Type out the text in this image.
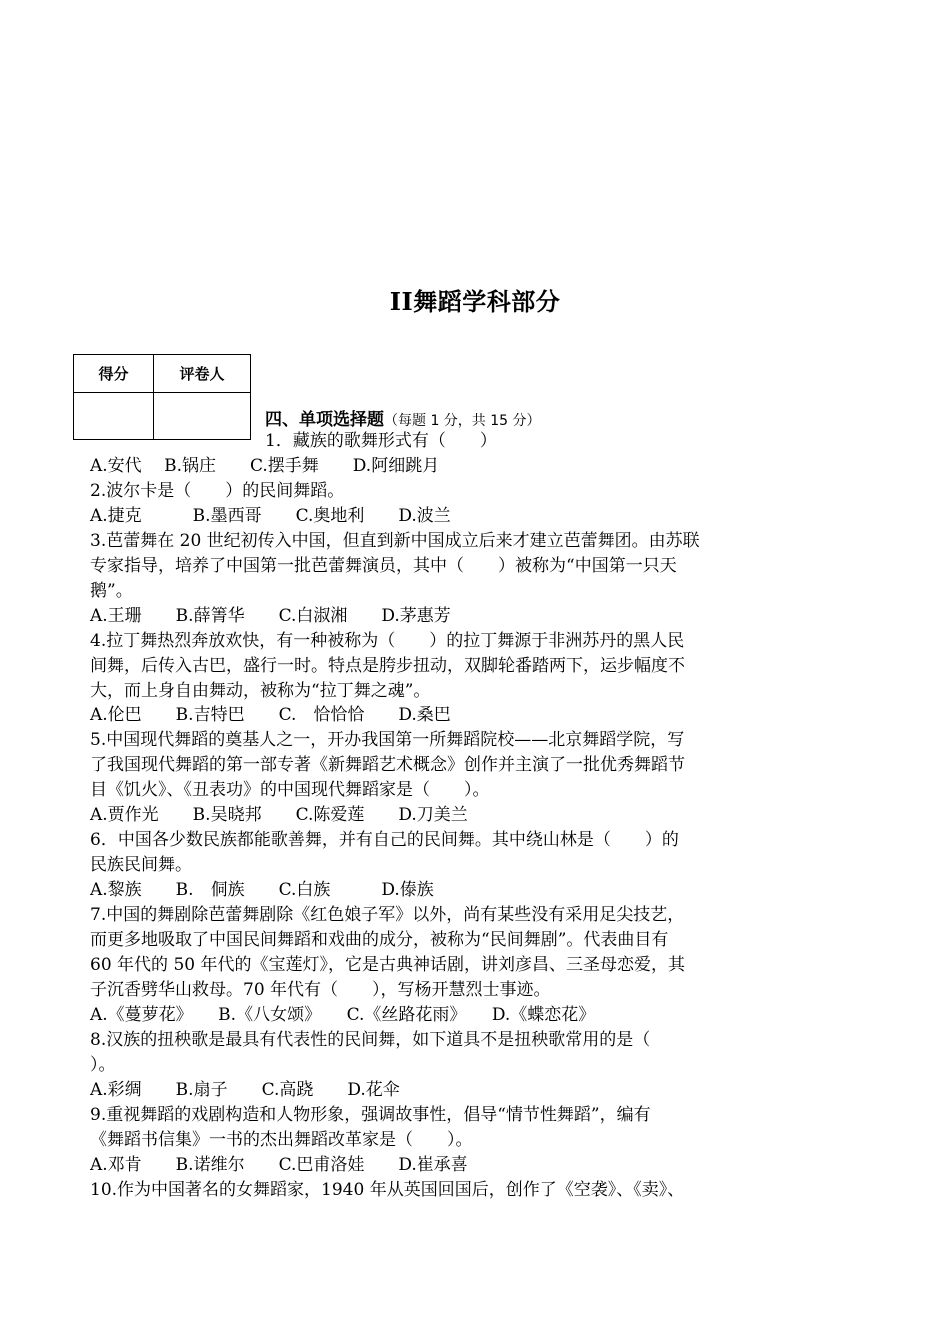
II舞蹈学科部分
得分	评卷人

四、单项选择题（每题 1 分，共 15 分）
1．藏族的歌舞形式有（　　）
A.安代　 B.锅庄　　C.摆手舞　　D.阿细跳月
2.波尔卡是（　　）的民间舞蹈。
A.捷克　　　B.墨西哥　　C.奥地利　　D.波兰
3.芭蕾舞在 20 世纪初传入中国，但直到新中国成立后来才建立芭蕾舞团。由苏联
专家指导，培养了中国第一批芭蕾舞演员，其中（　　）被称为“中国第一只天
鹅”。
A.王珊　　B.薛箐华　　C.白淑湘　　D.茅惠芳
4.拉丁舞热烈奔放欢快，有一种被称为（　　）的拉丁舞源于非洲苏丹的黑人民
间舞，后传入古巴，盛行一时。特点是胯步扭动，双脚轮番踏两下，运步幅度不
大，而上身自由舞动，被称为“拉丁舞之魂”。
A.伦巴　　B.吉特巴　　C.　恰恰恰　　D.桑巴
5.中国现代舞蹈的奠基人之一，开办我国第一所舞蹈院校——北京舞蹈学院，写
了我国现代舞蹈的第一部专著《新舞蹈艺术概念》创作并主演了一批优秀舞蹈节
目《饥火》、《丑表功》的中国现代舞蹈家是（　　）。
A.贾作光　　B.吴晓邦　　C.陈爱莲　　D.刀美兰
6．中国各少数民族都能歌善舞，并有自己的民间舞。其中绕山林是（　　）的
民族民间舞。
A.黎族　　B.　侗族　　C.白族　　　D.傣族
7.中国的舞剧除芭蕾舞剧除《红色娘子军》以外，尚有某些没有采用足尖技艺，
而更多地吸取了中国民间舞蹈和戏曲的成分，被称为“民间舞剧”。代表曲目有
60 年代的 50 年代的《宝莲灯》，它是古典神话剧，讲刘彦昌、三圣母恋爱，其
子沉香劈华山救母。70 年代有（　　），写杨开慧烈士事迹。
A.《蔓萝花》　　B.《八女颂》　　C.《丝路花雨》　　D.《蝶恋花》
8.汉族的扭秧歌是最具有代表性的民间舞，如下道具不是扭秧歌常用的是（
）。
A.彩绸　　B.扇子　　C.高跷　　D.花伞
9.重视舞蹈的戏剧构造和人物形象，强调故事性，倡导“情节性舞蹈”，编有
《舞蹈书信集》一书的杰出舞蹈改革家是（　　）。
A.邓肯　　B.诺维尔　　C.巴甫洛娃　　D.崔承喜
10.作为中国著名的女舞蹈家，1940 年从英国回国后，创作了《空袭》、《卖》、
